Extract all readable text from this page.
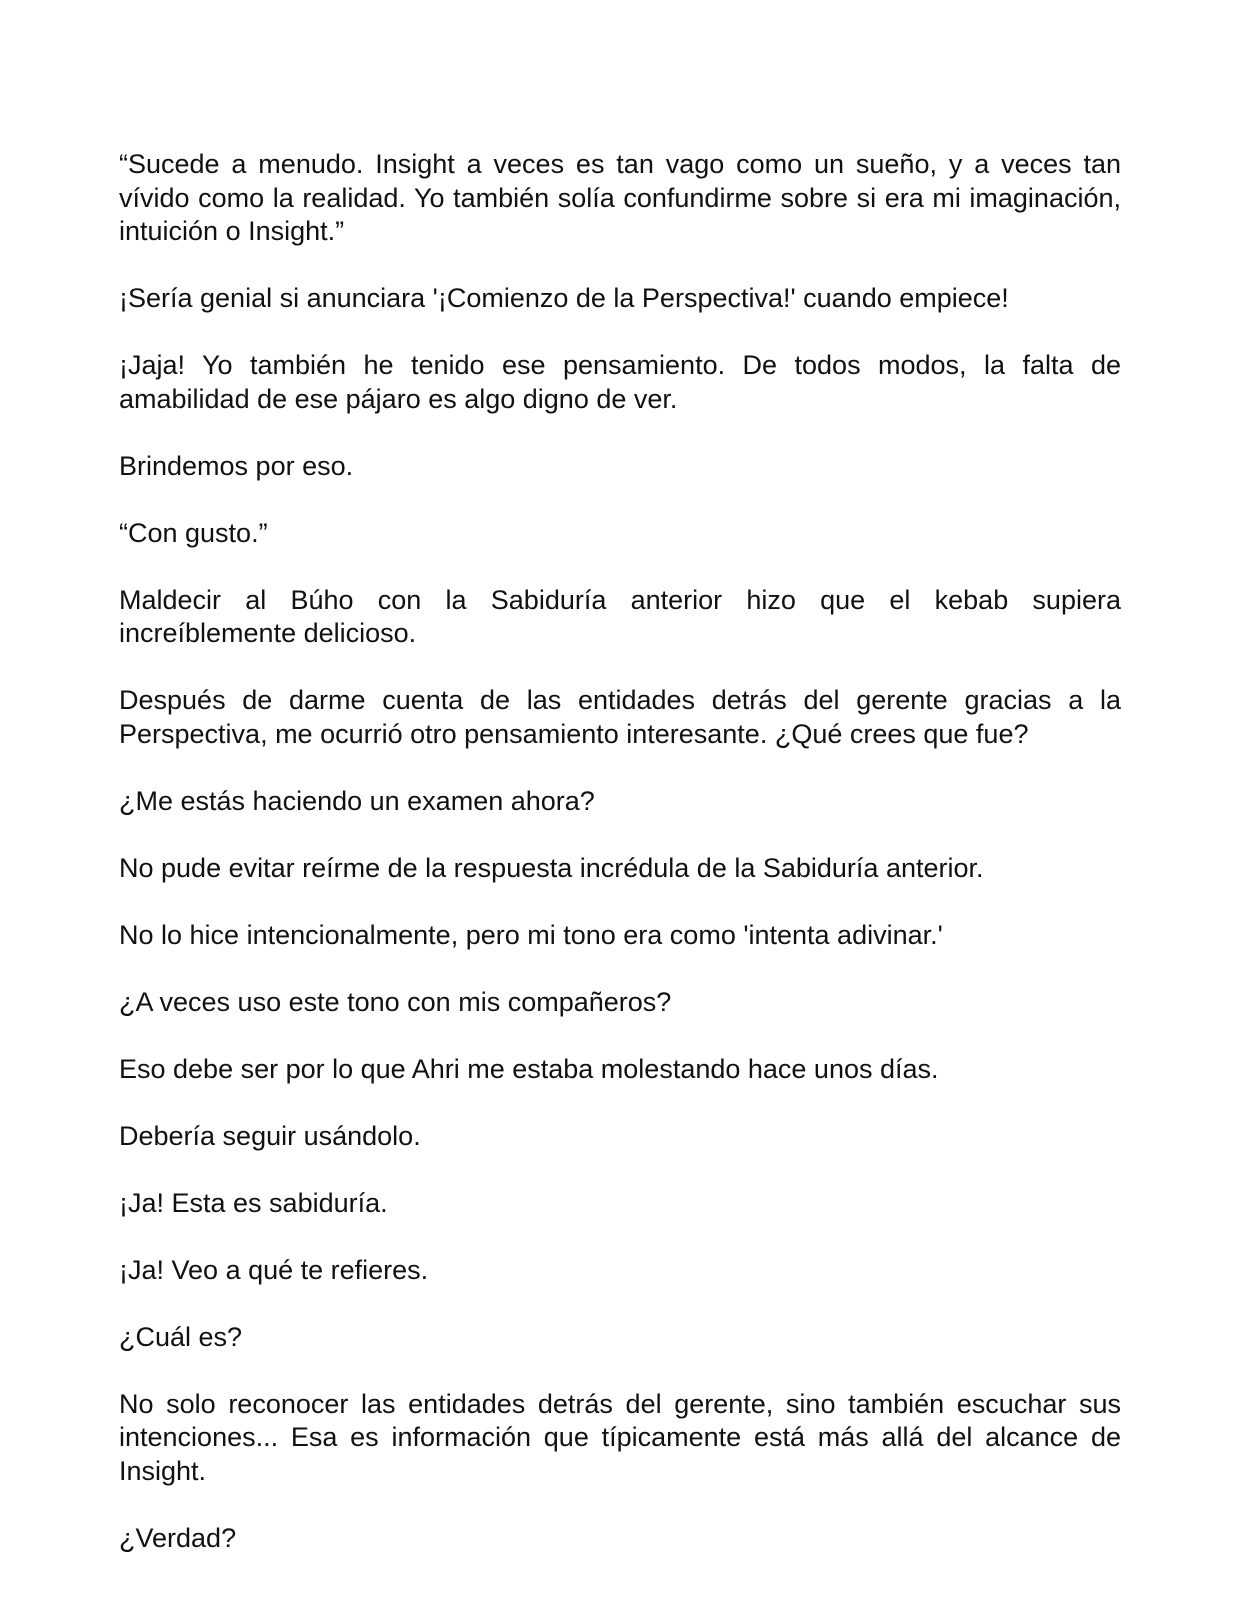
“Sucede a menudo. Insight a veces es tan vago como un sueño, y a veces tan vívido como la realidad. Yo también solía confundirme sobre si era mi imaginación, intuición o Insight.”

¡Sería genial si anunciara '¡Comienzo de la Perspectiva!' cuando empiece!

¡Jaja! Yo también he tenido ese pensamiento. De todos modos, la falta de amabilidad de ese pájaro es algo digno de ver.

Brindemos por eso.

“Con gusto.”

Maldecir al Búho con la Sabiduría anterior hizo que el kebab supiera increíblemente delicioso.

Después de darme cuenta de las entidades detrás del gerente gracias a la Perspectiva, me ocurrió otro pensamiento interesante. ¿Qué crees que fue?

¿Me estás haciendo un examen ahora?

No pude evitar reírme de la respuesta incrédula de la Sabiduría anterior.

No lo hice intencionalmente, pero mi tono era como 'intenta adivinar.'

¿A veces uso este tono con mis compañeros?

Eso debe ser por lo que Ahri me estaba molestando hace unos días.

Debería seguir usándolo.

¡Ja! Esta es sabiduría.

¡Ja! Veo a qué te refieres.

¿Cuál es?

No solo reconocer las entidades detrás del gerente, sino también escuchar sus intenciones... Esa es información que típicamente está más allá del alcance de Insight.

¿Verdad?
